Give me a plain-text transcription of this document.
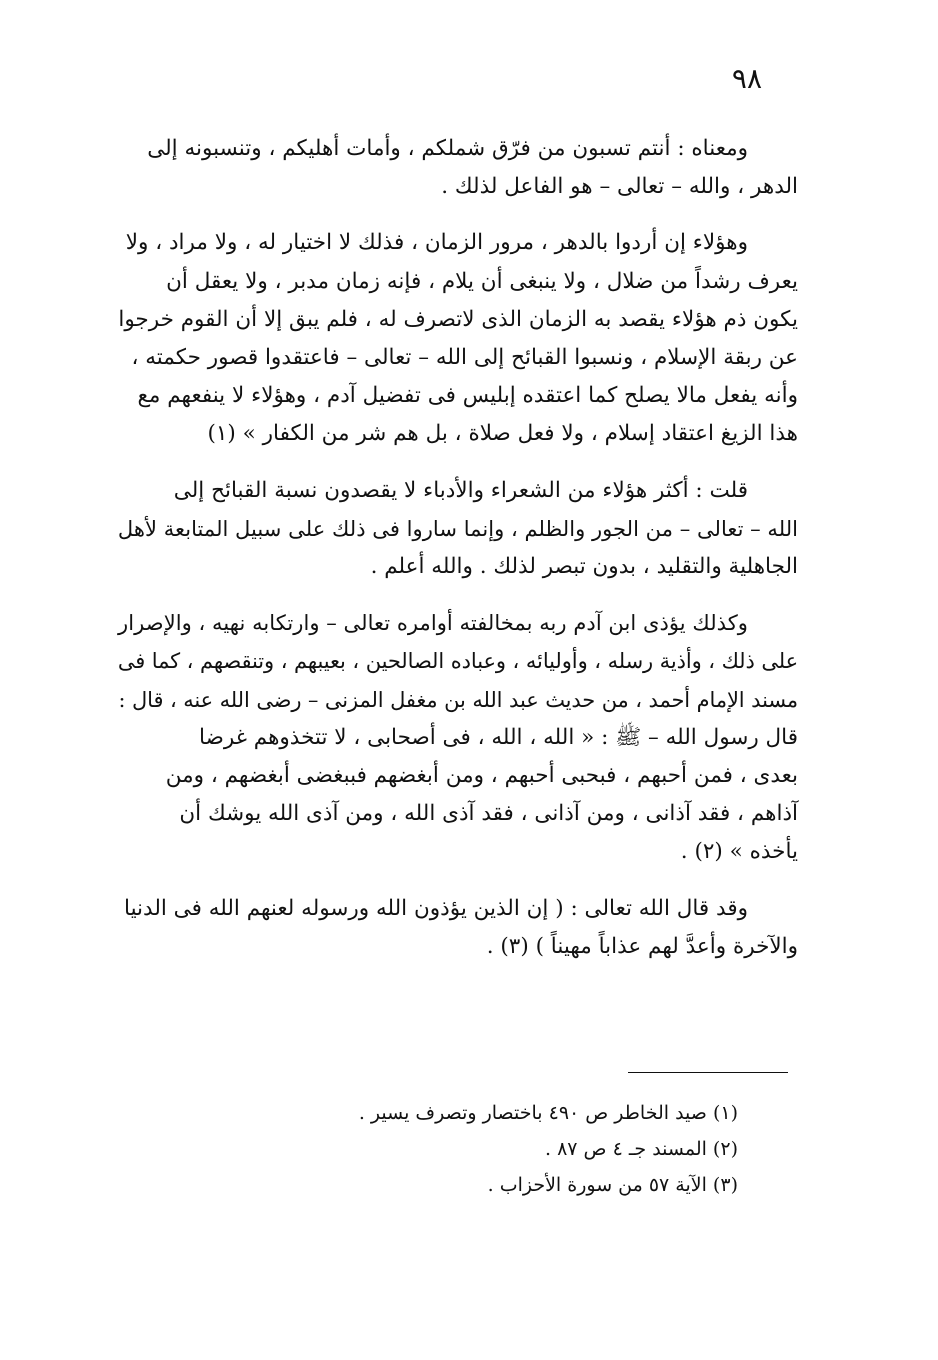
٩٨
ومعناه : أنتم تسبون من فرّق شملكم ، وأمات أهليكم ، وتنسبونه إلى
الدهر ، والله – تعالى – هو الفاعل لذلك .
وهؤلاء إن أردوا بالدهر ، مرور الزمان ، فذلك لا اختيار له ، ولا مراد ، ولا
يعرف رشداً من ضلال ، ولا ينبغى أن يلام ، فإنه زمان مدبر ، ولا يعقل أن
يكون ذم هؤلاء يقصد به الزمان الذى لاتصرف له ، فلم يبق إلا أن القوم خرجوا
عن ربقة الإسلام ، ونسبوا القبائح إلى الله – تعالى – فاعتقدوا قصور حكمته ،
وأنه يفعل مالا يصلح كما اعتقده إبليس فى تفضيل آدم ، وهؤلاء لا ينفعهم مع
هذا الزيغ اعتقاد إسلام ، ولا فعل صلاة ، بل هم شر من الكفار » (١)
قلت : أكثر هؤلاء من الشعراء والأدباء لا يقصدون نسبة القبائح إلى
الله – تعالى – من الجور والظلم ، وإنما ساروا فى ذلك على سبيل المتابعة لأهل
الجاهلية والتقليد ، بدون تبصر لذلك . والله أعلم .
وكذلك يؤذى ابن آدم ربه بمخالفته أوامره تعالى – وارتكابه نهيه ، والإصرار
على ذلك ، وأذية رسله ، وأوليائه ، وعباده الصالحين ، بعيبهم ، وتنقصهم ، كما فى
مسند الإمام أحمد ، من حديث عبد الله بن مغفل المزنى – رضى الله عنه ، قال :
قال رسول الله – ﷺ : « الله ، الله ، فى أصحابى ، لا تتخذوهم غرضا
بعدى ، فمن أحبهم ، فبحبى أحبهم ، ومن أبغضهم فببغضى أبغضهم ، ومن
آذاهم ، فقد آذانى ، ومن آذانى ، فقد آذى الله ، ومن آذى الله يوشك أن
يأخذه » (٢) .
وقد قال الله تعالى : ( إن الذين يؤذون الله ورسوله لعنهم الله فى الدنيا
والآخرة وأعدَّ لهم عذاباً مهيناً ) (٣) .
(١) صيد الخاطر ص ٤٩٠ باختصار وتصرف يسير .
(٢) المسند جـ ٤ ص ٨٧ .
(٣) الآية ٥٧ من سورة الأحزاب .
